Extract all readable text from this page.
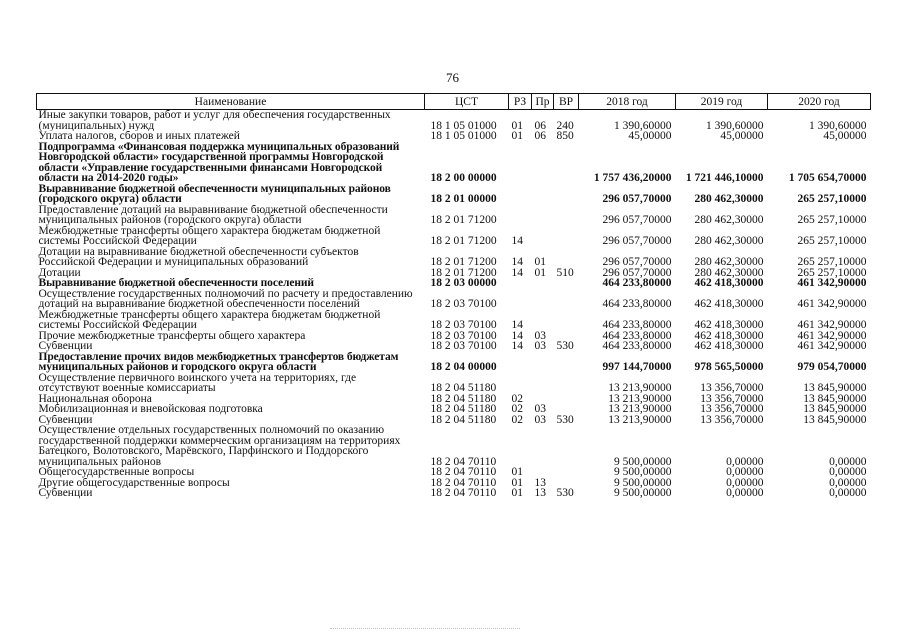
76
Наименование	ЦСТ	РЗ	Пр	ВР	2018 год	2019 год	2020 год
Иные закупки товаров, работ и услуг для обеспечения государственных (муниципальных) нужд	18 1 05 01000	01	06	240	1 390,60000	1 390,60000	1 390,60000
Уплата налогов, сборов и иных платежей	18 1 05 01000	01	06	850	45,00000	45,00000	45,00000
Подпрограмма «Финансовая поддержка муниципальных образований Новгородской области» государственной программы Новгородской области «Управление государственными финансами Новгородской области на 2014-2020 годы»	18 2 00 00000				1 757 436,20000	1 721 446,10000	1 705 654,70000
Выравнивание бюджетной обеспеченности муниципальных районов (городского округа) области	18 2 01 00000				296 057,70000	280 462,30000	265 257,10000
Предоставление дотаций на выравнивание бюджетной обеспеченности муниципальных районов (городского округа) области	18 2 01 71200				296 057,70000	280 462,30000	265 257,10000
Межбюджетные трансферты общего характера бюджетам бюджетной системы Российской Федерации	18 2 01 71200	14			296 057,70000	280 462,30000	265 257,10000
Дотации на выравнивание бюджетной обеспеченности субъектов Российской Федерации и муниципальных образований	18 2 01 71200	14	01		296 057,70000	280 462,30000	265 257,10000
Дотации	18 2 01 71200	14	01	510	296 057,70000	280 462,30000	265 257,10000
Выравнивание бюджетной обеспеченности поселений	18 2 03 00000				464 233,80000	462 418,30000	461 342,90000
Осуществление государственных полномочий по расчету и предоставлению дотаций на выравнивание бюджетной обеспеченности поселений	18 2 03 70100				464 233,80000	462 418,30000	461 342,90000
Межбюджетные трансферты общего характера бюджетам бюджетной системы Российской Федерации	18 2 03 70100	14			464 233,80000	462 418,30000	461 342,90000
Прочие межбюджетные трансферты общего характера	18 2 03 70100	14	03		464 233,80000	462 418,30000	461 342,90000
Субвенции	18 2 03 70100	14	03	530	464 233,80000	462 418,30000	461 342,90000
Предоставление прочих видов межбюджетных трансфертов бюджетам муниципальных районов и городского округа области	18 2 04 00000				997 144,70000	978 565,50000	979 054,70000
Осуществление первичного воинского учета на территориях, где отсутствуют военные комиссариаты	18 2 04 51180				13 213,90000	13 356,70000	13 845,90000
Национальная оборона	18 2 04 51180	02			13 213,90000	13 356,70000	13 845,90000
Мобилизационная и вневойсковая подготовка	18 2 04 51180	02	03		13 213,90000	13 356,70000	13 845,90000
Субвенции	18 2 04 51180	02	03	530	13 213,90000	13 356,70000	13 845,90000
Осуществление отдельных государственных полномочий по оказанию государственной поддержки коммерческим организациям на территориях Батецкого, Волотовского, Марёвского, Парфинского и Поддорского муниципальных районов	18 2 04 70110				9 500,00000	0,00000	0,00000
Общегосударственные вопросы	18 2 04 70110	01			9 500,00000	0,00000	0,00000
Другие общегосударственные вопросы	18 2 04 70110	01	13		9 500,00000	0,00000	0,00000
Субвенции	18 2 04 70110	01	13	530	9 500,00000	0,00000	0,00000
